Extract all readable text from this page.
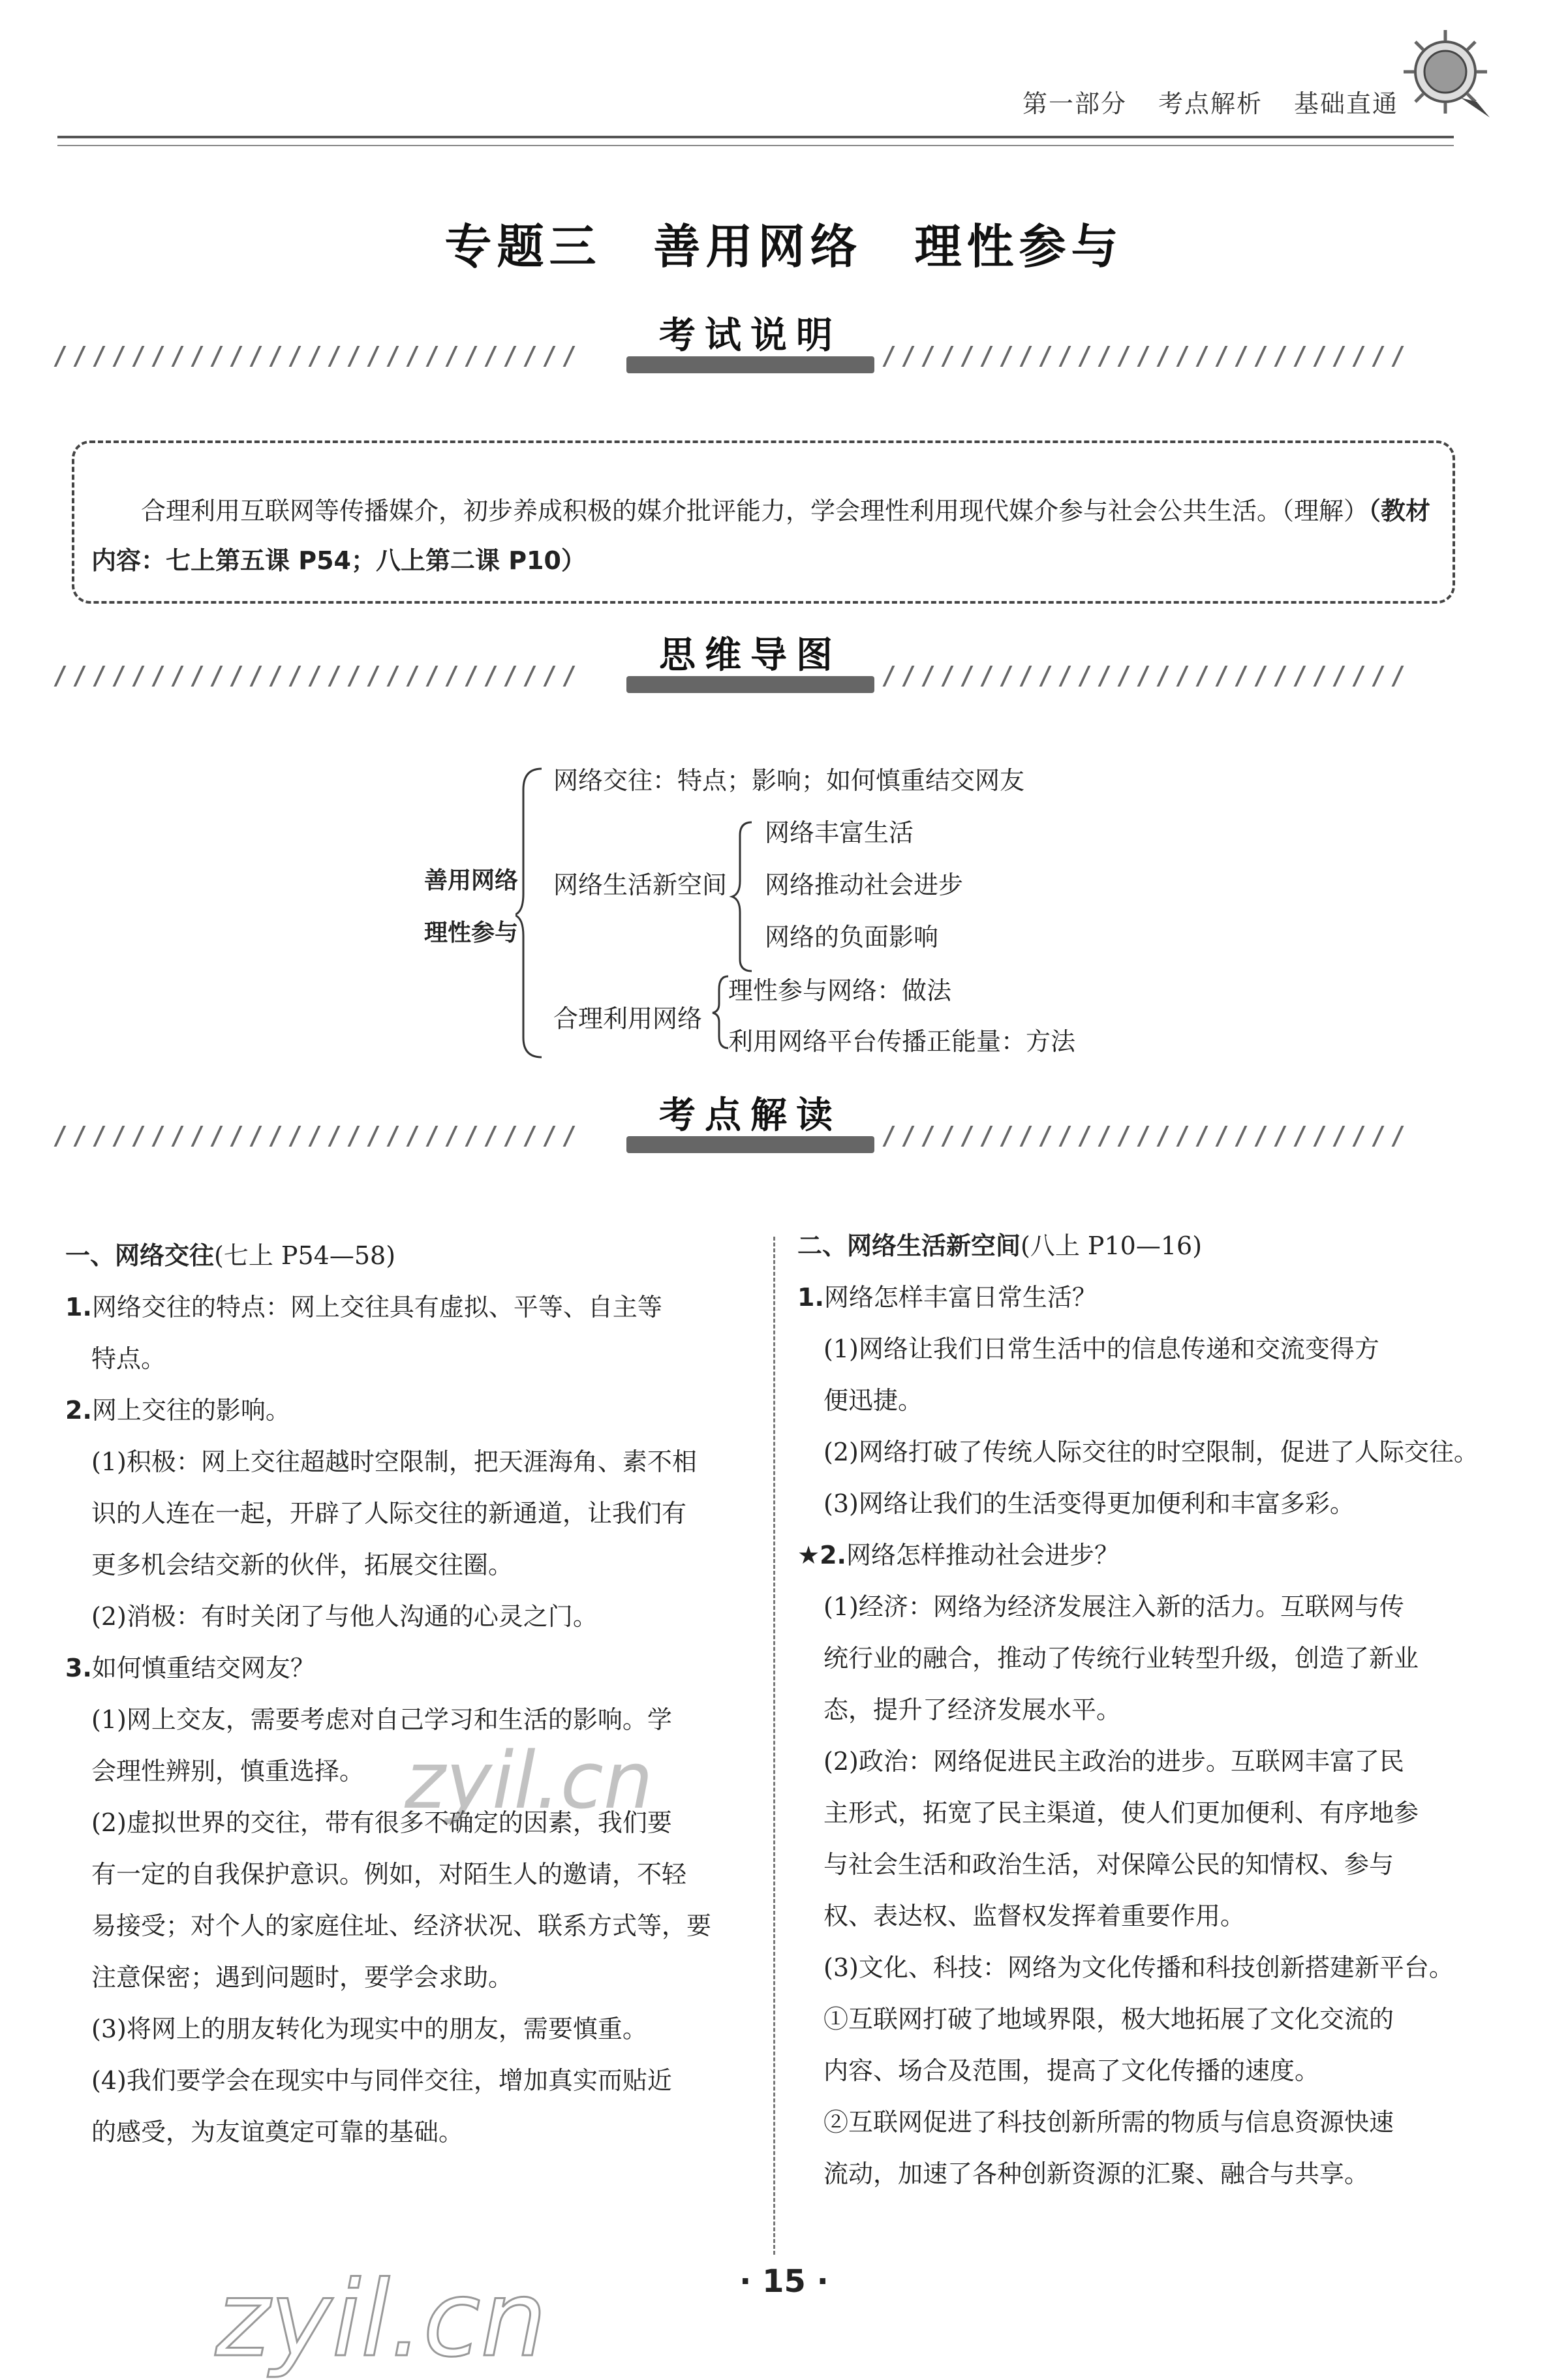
第一部分 考点解析 基础直通
专题三　善用网络　理性参与
考试说明
合理利用互联网等传播媒介，初步养成积极的媒介批评能力，学会理性利用现代媒介参与社会公共生活。（理解）（教材内容：七上第五课 P54；八上第二课 P10）
思维导图
善用网络
理性参与
网络交往：特点；影响；如何慎重结交网友
网络生活新空间
网络丰富生活
网络推动社会进步
网络的负面影响
合理利用网络
理性参与网络：做法
利用网络平台传播正能量：方法
考点解读

一、网络交往(七上 P54—58)

1.网络交往的特点：网上交往具有虚拟、平等、自主等

特点。

2.网上交往的影响。

(1)积极：网上交往超越时空限制，把天涯海角、素不相

识的人连在一起，开辟了人际交往的新通道，让我们有

更多机会结交新的伙伴，拓展交往圈。

(2)消极：有时关闭了与他人沟通的心灵之门。

3.如何慎重结交网友？

(1)网上交友，需要考虑对自己学习和生活的影响。学

会理性辨别，慎重选择。

(2)虚拟世界的交往，带有很多不确定的因素，我们要

有一定的自我保护意识。例如，对陌生人的邀请，不轻

易接受；对个人的家庭住址、经济状况、联系方式等，要

注意保密；遇到问题时，要学会求助。

(3)将网上的朋友转化为现实中的朋友，需要慎重。

(4)我们要学会在现实中与同伴交往，增加真实而贴近

的感受，为友谊奠定可靠的基础。

二、网络生活新空间(八上 P10—16)

1.网络怎样丰富日常生活？

(1)网络让我们日常生活中的信息传递和交流变得方

便迅捷。

(2)网络打破了传统人际交往的时空限制，促进了人际交往。

(3)网络让我们的生活变得更加便利和丰富多彩。

★2.网络怎样推动社会进步？

(1)经济：网络为经济发展注入新的活力。互联网与传

统行业的融合，推动了传统行业转型升级，创造了新业

态，提升了经济发展水平。

(2)政治：网络促进民主政治的进步。互联网丰富了民

主形式，拓宽了民主渠道，使人们更加便利、有序地参

与社会生活和政治生活，对保障公民的知情权、参与

权、表达权、监督权发挥着重要作用。

(3)文化、科技：网络为文化传播和科技创新搭建新平台。

①互联网打破了地域界限，极大地拓展了文化交流的

内容、场合及范围，提高了文化传播的速度。

②互联网促进了科技创新所需的物质与信息资源快速

流动，加速了各种创新资源的汇聚、融合与共享。

zyil.cn
zyil.cn	· 15 ·
